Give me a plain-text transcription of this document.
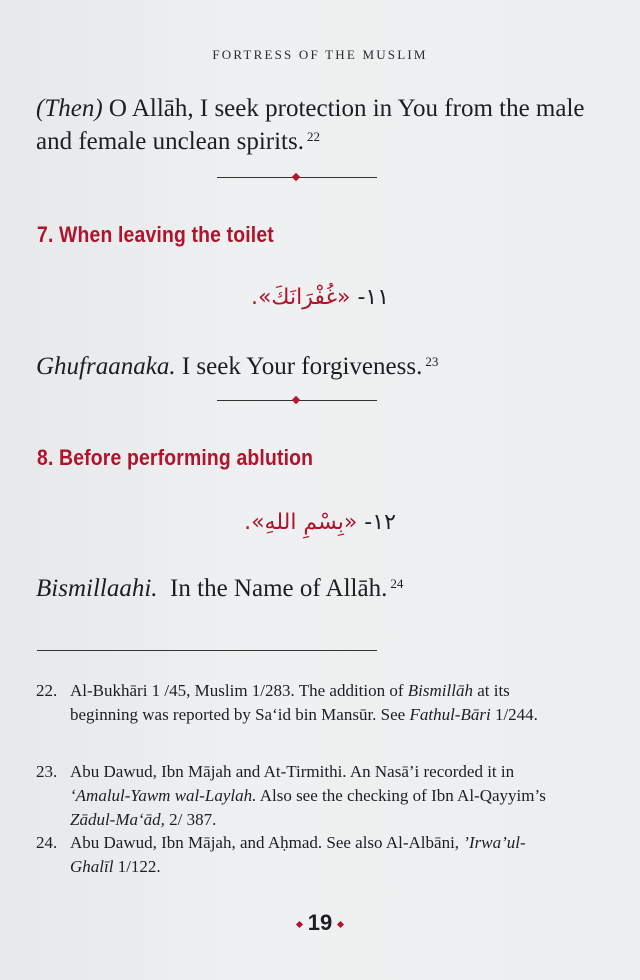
FORTRESS OF THE MUSLIM
(Then) O Allāh, I seek protection in You from the male and female unclean spirits. $^{22}$
7. When leaving the toilet
١١- «غُفْرَانَكَ».
Ghufraanaka. I seek Your forgiveness. $^{23}$
8. Before performing ablution
١٢- «بِسْمِ اللهِ».
Bismillaahi.  In the Name of Allāh. $^{24}$
22. Al-Bukhāri 1 /45, Muslim 1/283. The addition of Bismillāh at its beginning was reported by Sa‘id bin Mansūr. See Fathul-Bāri 1/244.
23. Abu Dawud, Ibn Mājah and At-Tirmithi. An Nasā’i recorded it in ‘Amalul-Yawm wal-Laylah. Also see the checking of Ibn Al-Qayyim’s Zādul-Ma‘ād, 2/ 387.
24. Abu Dawud, Ibn Mājah, and Aḥmad. See also Al-Albāni, ’Irwa’ul-Ghalīl 1/122.
19
